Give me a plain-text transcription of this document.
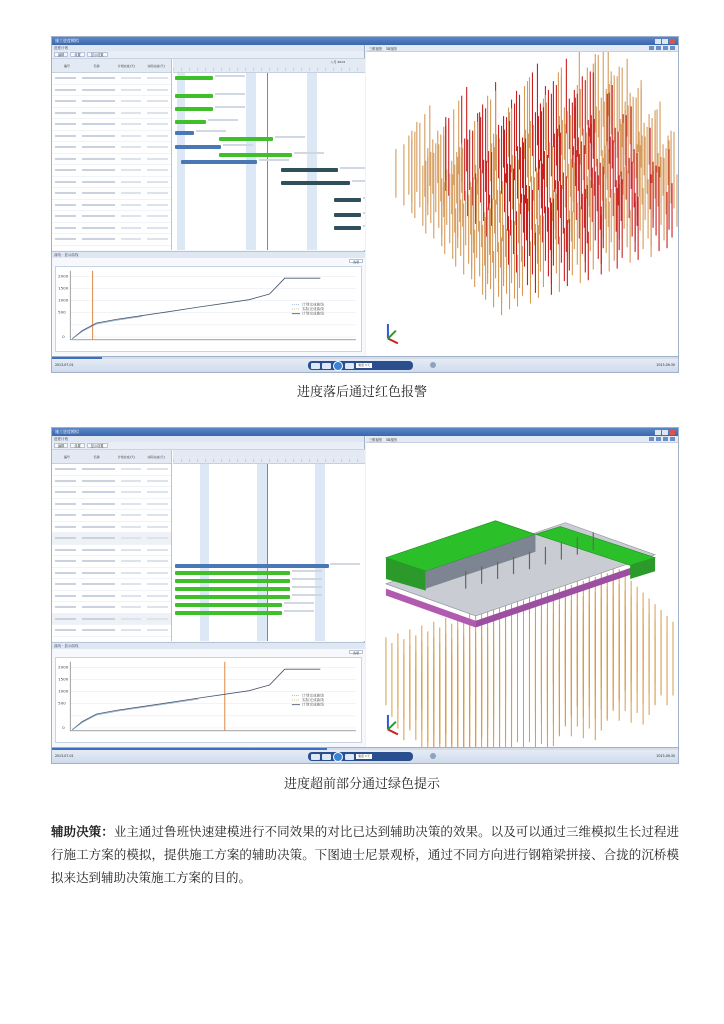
施工进度模拟
进度计划
编辑	设置	显示设置
编号	名称	计划完成(天)	实际完成(天)
八月 2013

曲线 · 显示曲线
选项
2000
1500
1000
500
0
计划完成曲线
实际完成曲线
计划完成曲线
三维视图 3D视图
2013-07-01	速度 1天	2013-09-30
进度落后通过红色报警
施工进度模拟
进度计划
编辑	设置	显示设置
编号	名称	计划完成(天)	实际完成(天)

曲线 · 显示曲线
选项
2000
1500
1000
500
0
计划完成曲线
实际完成曲线
计划完成曲线
三维视图 3D视图
2013-07-01	速度 1天	2013-09-30
进度超前部分通过绿色提示
辅助决策：业主通过鲁班快速建模进行不同效果的对比已达到辅助决策的效果。以及可以通过三维模拟生长过程进行施工方案的模拟，提供施工方案的辅助决策。下图迪士尼景观桥，通过不同方向进行钢箱梁拼接、合拢的沉桥模拟来达到辅助决策施工方案的目的。
